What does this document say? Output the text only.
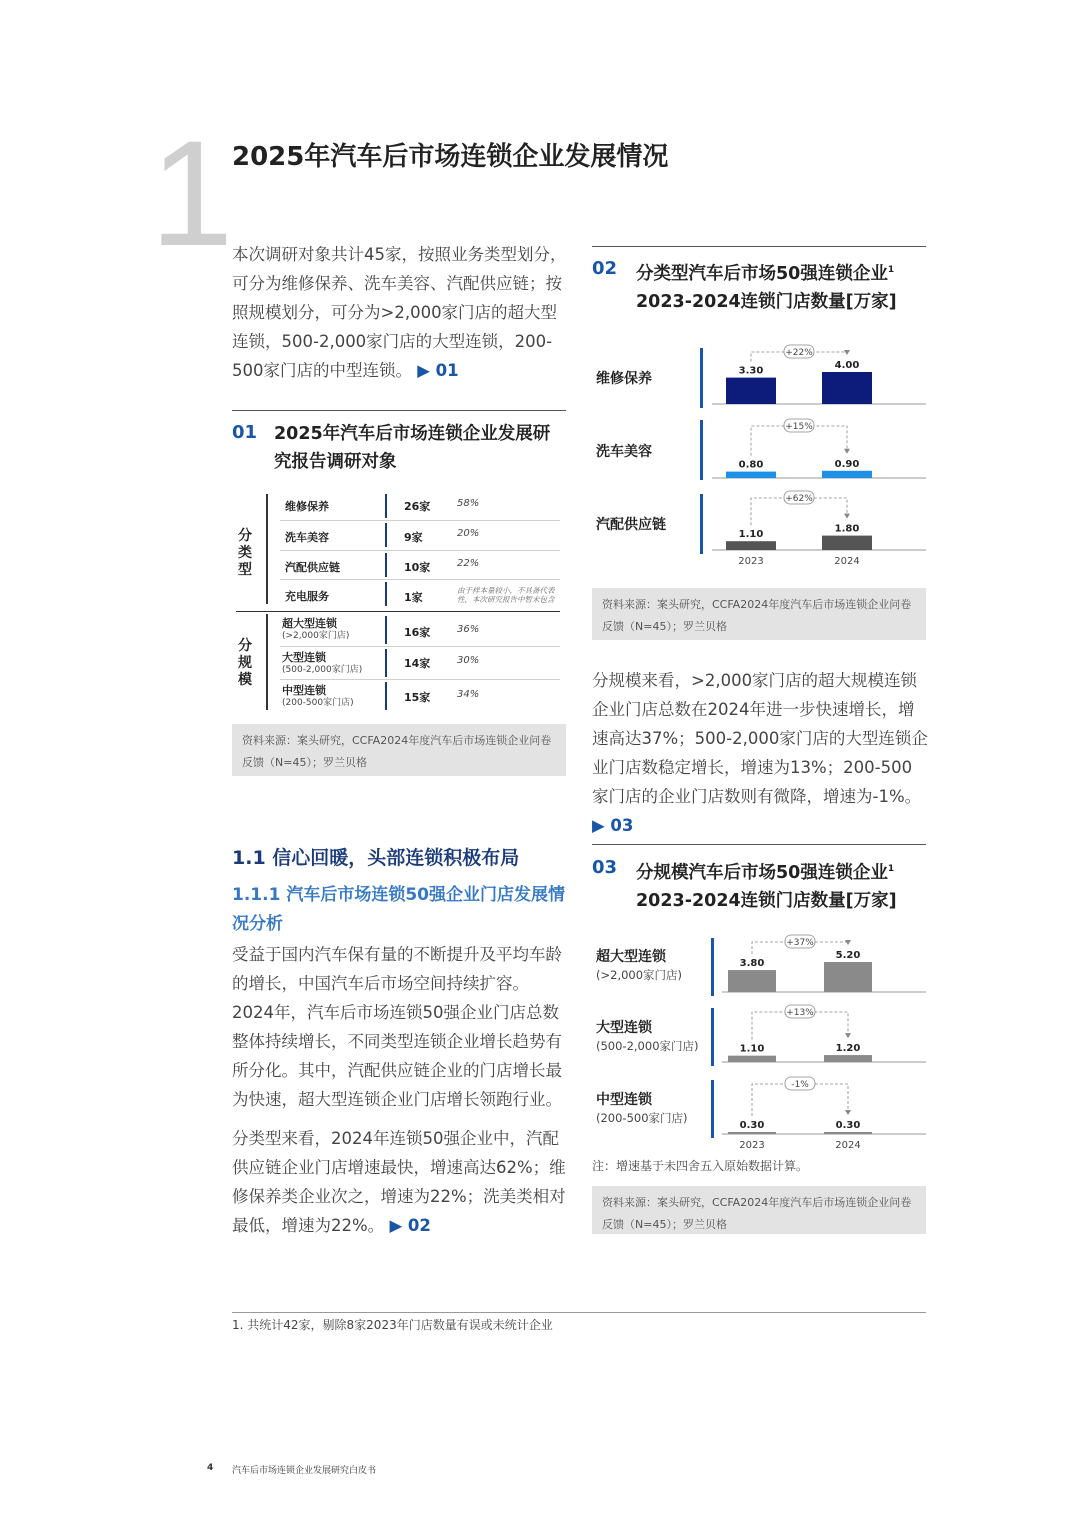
1
2025年汽车后市场连锁企业发展情况
本次调研对象共计45家，按照业务类型划分，可分为维修保养、洗车美容、汽配供应链；按照规模划分，可分为>2,000家门店的超大型连锁，500-2,000家门店的大型连锁，200-500家门店的中型连锁。 ▶ 01
01 2025年汽车后市场连锁企业发展研究报告调研对象
分类型
分规模
维修保养	26家	58%
洗车美容	9家	20%
汽配供应链	10家	22%
充电服务	1家
由于样本量较小，不具备代表性，本次研究报告中暂未包含
超大型连锁
(>2,000家门店)	16家	36%
大型连锁
(500-2,000家门店)	14家	30%
中型连锁
(200-500家门店)	15家	34%
资料来源：案头研究，CCFA2024年度汽车后市场连锁企业问卷反馈（N=45）；罗兰贝格
1.1 信心回暖，头部连锁积极布局
1.1.1 汽车后市场连锁50强企业门店发展情况分析
受益于国内汽车保有量的不断提升及平均车龄的增长，中国汽车后市场空间持续扩容。2024年，汽车后市场连锁50强企业门店总数整体持续增长，不同类型连锁企业增长趋势有所分化。其中，汽配供应链企业的门店增长最为快速，超大型连锁企业门店增长领跑行业。
分类型来看，2024年连锁50强企业中，汽配供应链企业门店增速最快，增速高达62%；维修保养类企业次之，增速为22%；洗美类相对最低，增速为22%。 ▶ 02
02 分类型汽车后市场50强连锁企业$^1$
2023-2024连锁门店数量[万家]
维修保养
洗车美容
汽配供应链
3.30
4.00
+22%
0.80	0.90
+15%
1.10
1.80
+62%
2023	2024
资料来源：案头研究，CCFA2024年度汽车后市场连锁企业问卷反馈（N=45）；罗兰贝格
分规模来看，>2,000家门店的超大规模连锁企业门店总数在2024年进一步快速增长，增速高达37%；500-2,000家门店的大型连锁企业门店数稳定增长，增速为13%；200-500家门店的企业门店数则有微降，增速为-1%。 ▶ 03
03 分规模汽车后市场50强连锁企业$^1$
2023-2024连锁门店数量[万家]
超大型连锁
(>2,000家门店)
大型连锁
(500-2,000家门店)
中型连锁
(200-500家门店)
3.80
5.20
+37%
1.10	1.20
+13%
0.30	0.30
-1%
2023	2024
注：增速基于未四舍五入原始数据计算。
资料来源：案头研究，CCFA2024年度汽车后市场连锁企业问卷反馈（N=45）；罗兰贝格
1. 共统计42家，剔除8家2023年门店数量有误或未统计企业
4 汽车后市场连锁企业发展研究白皮书
